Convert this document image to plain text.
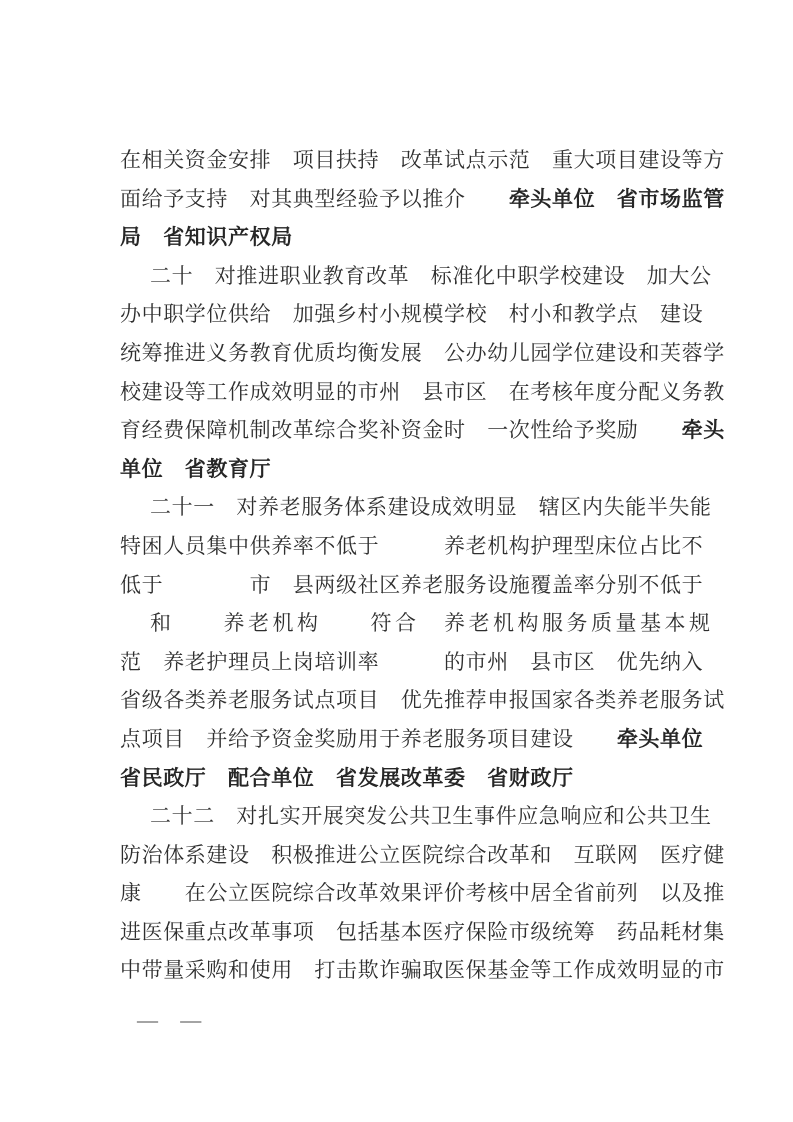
在相关资金安排　项目扶持　改革试点示范　重大项目建设等方
面给予支持　对其典型经验予以推介　　牵头单位　省市场监管
局　省知识产权局
二十　对推进职业教育改革　标准化中职学校建设　加大公
办中职学位供给　加强乡村小规模学校　村小和教学点　建设
统筹推进义务教育优质均衡发展　公办幼儿园学位建设和芙蓉学
校建设等工作成效明显的市州　县市区　在考核年度分配义务教
育经费保障机制改革综合奖补资金时　一次性给予奖励　　牵头
单位　省教育厅
二十一　对养老服务体系建设成效明显　辖区内失能半失能
特困人员集中供养率不低于　　　养老机构护理型床位占比不
低于　　　　市　县两级社区养老服务设施覆盖率分别不低于
和　　养老机构　　符合　养老机构服务质量基本规
范　养老护理员上岗培训率　　　的市州　县市区　优先纳入
省级各类养老服务试点项目　优先推荐申报国家各类养老服务试
点项目　并给予资金奖励用于养老服务项目建设　　牵头单位
省民政厅　配合单位　省发展改革委　省财政厅
二十二　对扎实开展突发公共卫生事件应急响应和公共卫生
防治体系建设　积极推进公立医院综合改革和　互联网　医疗健
康　　在公立医院综合改革效果评价考核中居全省前列　以及推
进医保重点改革事项　包括基本医疗保险市级统筹　药品耗材集
中带量采购和使用　打击欺诈骗取医保基金等工作成效明显的市
—　—
